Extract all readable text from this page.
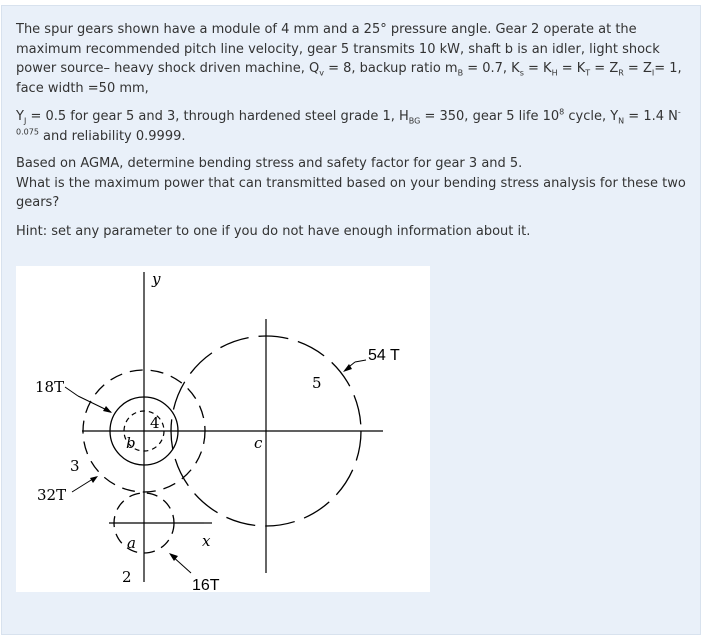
The spur gears shown have a module of 4 mm and a 25° pressure angle. Gear 2 operate at the maximum recommended pitch line velocity, gear 5 transmits 10 kW, shaft b is an idler, light shock power source– heavy shock driven machine, $Q_v = 8$, backup ratio $m_B = 0.7$, $K_s = K_H = K_T = Z_R = Z_I= 1$, face width =50 mm,

$Y_J = 0.5$ for gear 5 and 3, through hardened steel grade 1, $H_{BG} = 350$, gear 5 life $10^8$ cycle, $Y_N = 1.4$ $N^{-0.075}$ and reliability 0.9999.

Based on AGMA, determine bending stress and safety factor for gear 3 and 5.

What is the maximum power that can transmitted based on your bending stress analysis for these two gears?

Hint: set any parameter to one if you do not have enough information about it.

y
x
18T
32T
54 T
16T
2
3
4
5
a
b	c
